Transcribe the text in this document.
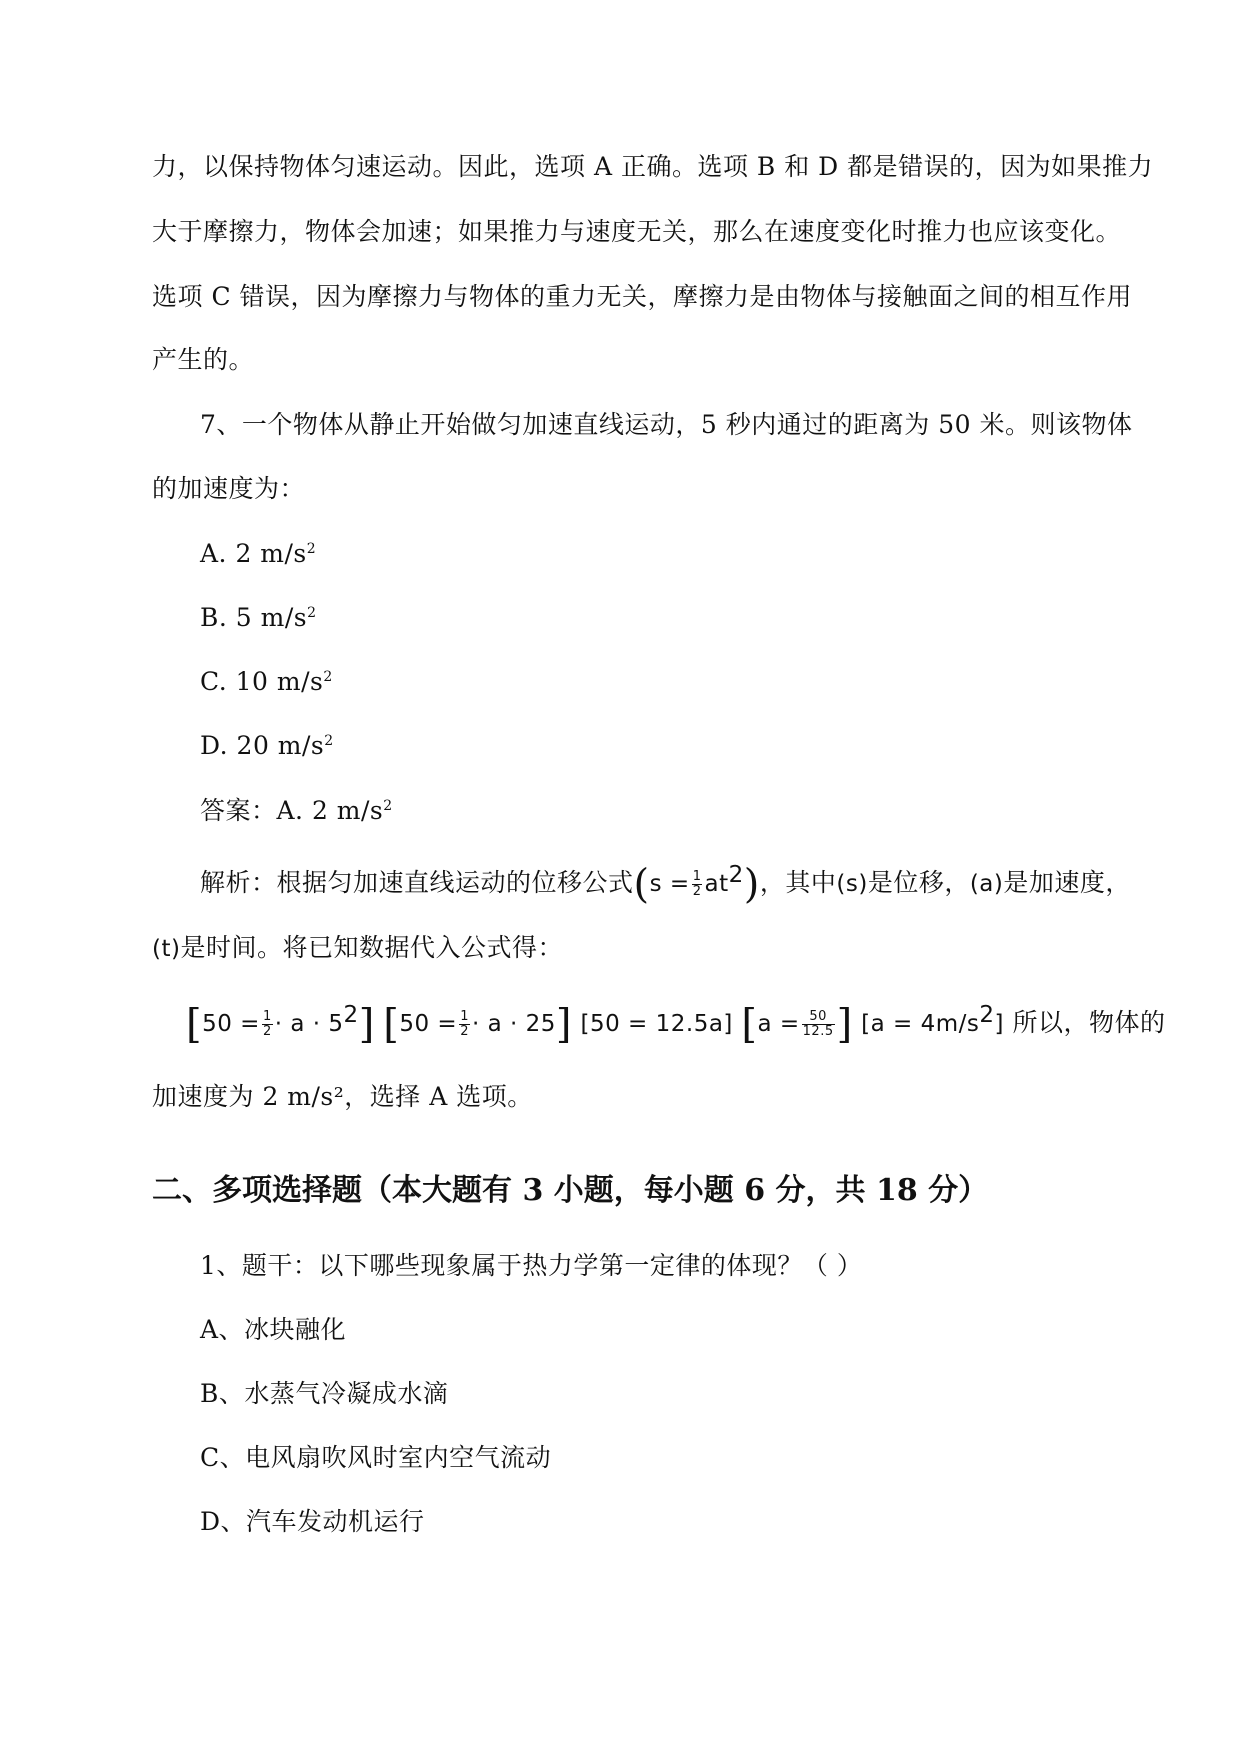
力，以保持物体匀速运动。因此，选项 A 正确。选项 B 和 D 都是错误的，因为如果推力
大于摩擦力，物体会加速；如果推力与速度无关，那么在速度变化时推力也应该变化。
选项 C 错误，因为摩擦力与物体的重力无关，摩擦力是由物体与接触面之间的相互作用
产生的。
7、一个物体从静止开始做匀加速直线运动，5 秒内通过的距离为 50 米。则该物体
的加速度为：
A. 2 $m/s^2$
B. 5 $m/s^2$
C. 10 $m/s^2$
D. 20 $m/s^2$
答案：A. 2 $m/s^2$
解析：根据匀加速直线运动的位移公式$(s = \frac{1}{2} at^2)$，其中(s)是位移，(a)是加速度，
(t)是时间。将已知数据代入公式得：
$[50 = \frac{1}{2} \cdot a \cdot 5^2]$ $[50 = \frac{1}{2} \cdot a \cdot 25]$ [50 = 12.5a] [$a = \frac{50}{12.5}$ ] $[a = 4m/s^2]$ 所以，物体的
加速度为 2 m/s²，选择 A 选项。
二、多项选择题（本大题有 3 小题，每小题 6 分，共 18 分）
1、题干：以下哪些现象属于热力学第一定律的体现？（ ）
A、冰块融化
B、水蒸气冷凝成水滴
C、电风扇吹风时室内空气流动
D、汽车发动机运行
